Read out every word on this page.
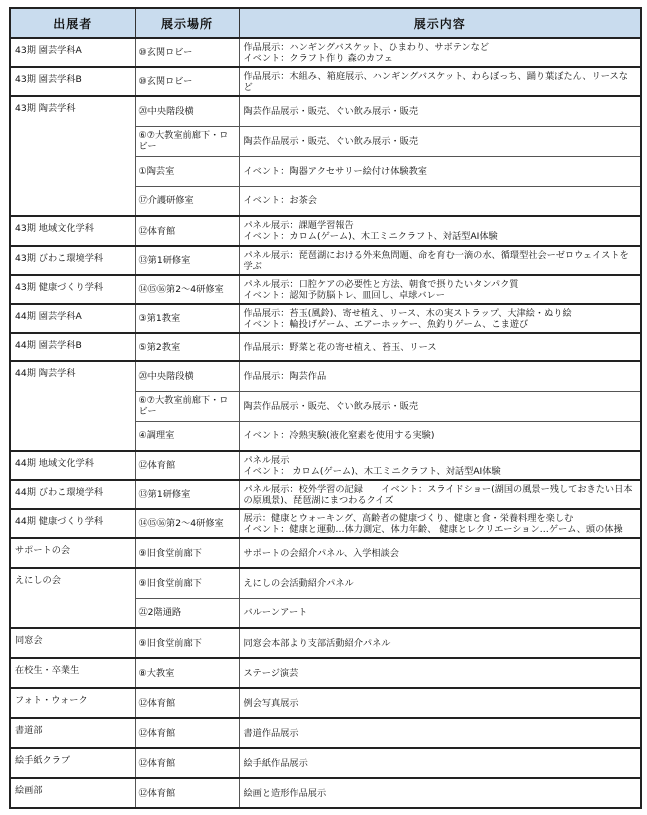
出展者	展示場所	展示内容
43期 園芸学科A	⑩玄関ロビー	作品展示：ハンギングバスケット、ひまわり、サボテンなど
イベント：クラフト作り 森のカフェ
43期 園芸学科B	⑩玄関ロビー	作品展示：木組み、箱庭展示、ハンギングバスケット、わらぼっち、踊り葉ぼたん、リースなど
43期 陶芸学科	⑳中央階段横	陶芸作品展示・販売、ぐい飲み展示・販売
	⑥⑦大教室前廊下・ロビー	陶芸作品展示・販売、ぐい飲み展示・販売
	①陶芸室	イベント：陶器アクセサリー絵付け体験教室
	⑰介護研修室	イベント：お茶会
43期 地域文化学科	⑫体育館	パネル展示：課題学習報告
イベント：カロム(ゲーム)、木工ミニクラフト、対話型AI体験
43期 びわこ環境学科	⑬第1研修室	パネル展示：琵琶湖における外来魚問題、命を育む一滴の水、循環型社会ーゼロウェイストを学ぶ
43期 健康づくり学科	⑭⑮⑯第2～4研修室	パネル展示：口腔ケアの必要性と方法、朝食で摂りたいタンパク質
イベント：認知予防脳トレ、皿回し、卓球バレー
44期 園芸学科A	③第1教室	作品展示：苔玉(風鈴)、寄せ植え、リース、木の実ストラップ、大津絵・ぬり絵
イベント：輪投げゲーム、エアーホッケー、魚釣りゲーム、こま遊び
44期 園芸学科B	⑤第2教室	作品展示：野菜と花の寄せ植え、苔玉、リース
44期 陶芸学科	⑳中央階段横	作品展示：陶芸作品
	⑥⑦大教室前廊下・ロビー	陶芸作品展示・販売、ぐい飲み展示・販売
	④調理室	イベント：冷熱実験(液化窒素を使用する実験)
44期 地域文化学科	⑫体育館	パネル展示
イベント： カロム(ゲーム)、木工ミニクラフト、対話型AI体験
44期 びわこ環境学科	⑬第1研修室	パネル展示：校外学習の記録　　イベント：スライドショー(湖国の風景ー残しておきたい日本の原風景)、琵琶湖にまつわるクイズ
44期 健康づくり学科	⑭⑮⑯第2～4研修室	展示：健康とウォーキング、高齢者の健康づくり、健康と食・栄養料理を楽しむ
イベント：健康と運動…体力測定、体力年齢、 健康とレクリエーション…ゲーム、頭の体操
サポートの会	⑨旧食堂前廊下	サポートの会紹介パネル、入学相談会
えにしの会	⑨旧食堂前廊下	えにしの会活動紹介パネル
	㉑2階通路	バルーンアート
同窓会	⑨旧食堂前廊下	同窓会本部より支部活動紹介パネル
在校生・卒業生	⑧大教室	ステージ演芸
フォト・ウォーク	⑫体育館	例会写真展示
書道部	⑫体育館	書道作品展示
絵手紙クラブ	⑫体育館	絵手紙作品展示
絵画部	⑫体育館	絵画と造形作品展示
